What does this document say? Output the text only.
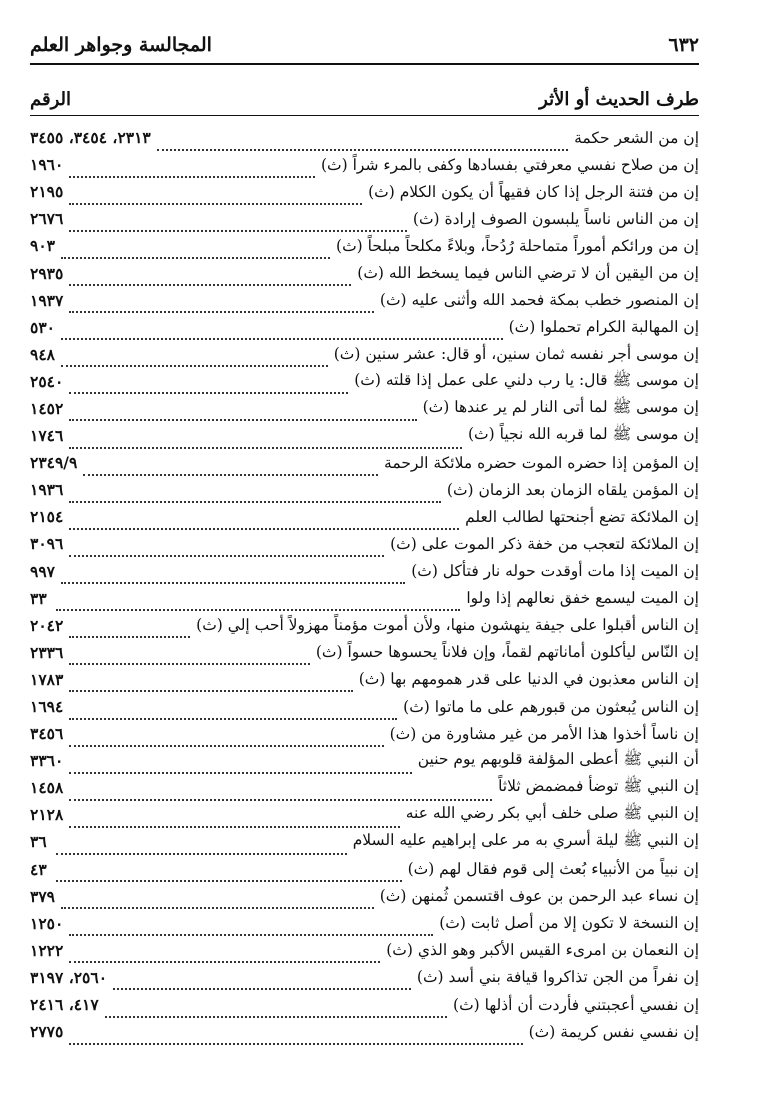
٦٣٢
المجالسة وجواهر العلم
طرف الحديث أو الأثر
الرقم
إن من الشعر حكمة
٢٣١٣، ٣٤٥٤، ٣٤٥٥
إن من صلاح نفسي معرفتي بفسادها وكفى بالمرء شراً (ث)
١٩٦٠
إن من فتنة الرجل إذا كان فقيهاً أن يكون الكلام (ث)
٢١٩٥
إن من الناس ناساً يلبسون الصوف إرادة (ث)
٢٦٧٦
إن من ورائكم أموراً متماحلة رُدُحاً، وبلاءً مكلحاً مبلحاً (ث)
٩٠٣
إن من اليقين أن لا ترضي الناس فيما يسخط الله (ث)
٢٩٣٥
إن المنصور خطب بمكة فحمد الله وأثنى عليه (ث)
١٩٣٧
إن المهالبة الكرام تحملوا (ث)
٥٣٠
إن موسى أجر نفسه ثمان سنين، أو قال: عشر سنين (ث)
٩٤٨
إن موسى ﷺ قال: يا رب دلني على عمل إذا قلته (ث)
٢٥٤٠
إن موسى ﷺ لما أتى النار لم ير عندها (ث)
١٤٥٢
إن موسى ﷺ لما قربه الله نجياً (ث)
١٧٤٦
إن المؤمن إذا حضره الموت حضره ملائكة الرحمة
٢٣٤٩/٩
إن المؤمن يلقاه الزمان بعد الزمان (ث)
١٩٣٦
إن الملائكة تضع أجنحتها لطالب العلم
٢١٥٤
إن الملائكة لتعجب من خفة ذكر الموت على (ث)
٣٠٩٦
إن الميت إذا مات أوقدت حوله نار فتأكل (ث)
٩٩٧
إن الميت ليسمع خفق نعالهم إذا ولوا
٣٣
إن الناس أقبلوا على جيفة ينهشون منها، ولأن أموت مؤمناً مهزولاً أحب إلي (ث)
٢٠٤٢
إن النّاس ليأكلون أماناتهم لقماً، وإن فلاناً يحسوها حسواً (ث)
٢٣٣٦
إن الناس معذبون في الدنيا على قدر همومهم بها (ث)
١٧٨٣
إن الناس يُبعثون من قبورهم على ما ماتوا (ث)
١٦٩٤
إن ناساً أخذوا هذا الأمر من غير مشاورة من (ث)
٣٤٥٦
أن النبي ﷺ أعطى المؤلفة قلوبهم يوم حنين
٣٣٦٠
إن النبي ﷺ توضأ فمضمض ثلاثاً
١٤٥٨
إن النبي ﷺ صلى خلف أبي بكر رضي الله عنه
٢١٢٨
إن النبي ﷺ ليلة أسري به مر على إبراهيم عليه السلام
٣٦
إن نبياً من الأنبياء بُعث إلى قوم فقال لهم (ث)
٤٣
إن نساء عبد الرحمن بن عوف اقتسمن ثُمنهن (ث)
٣٧٩
إن النسخة لا تكون إلا من أصل ثابت (ث)
١٢٥٠
إن النعمان بن امرىء القيس الأكبر وهو الذي (ث)
١٢٢٢
إن نفراً من الجن تذاكروا قيافة بني أسد (ث)
٢٥٦٠، ٣١٩٧
إن نفسي أعجبتني فأردت أن أذلها (ث)
٤١٧، ٢٤١٦
إن نفسي نفس كريمة (ث)
٢٧٧٥
